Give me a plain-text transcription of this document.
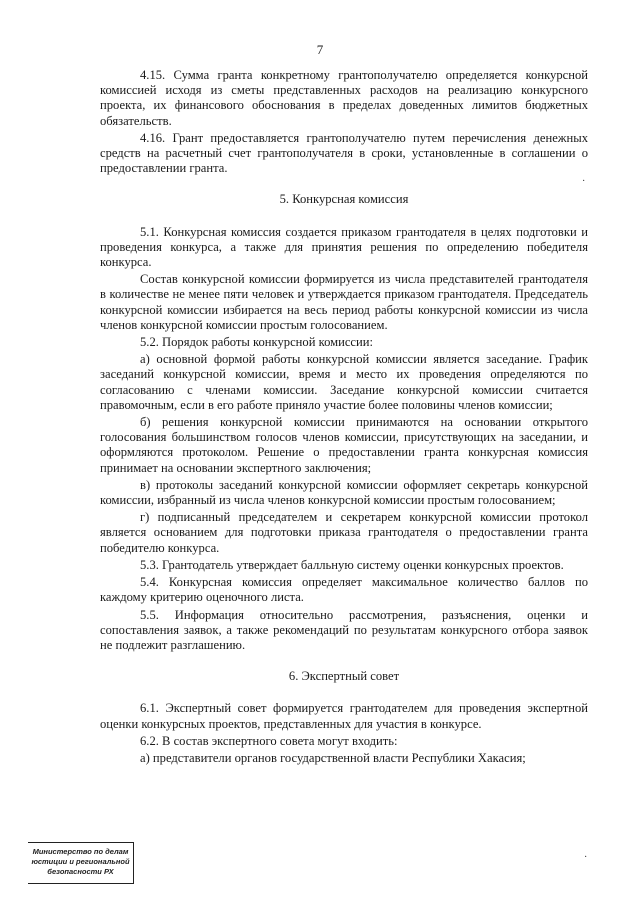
7

4.15. Сумма гранта конкретному грантополучателю определяется конкурсной комиссией исходя из сметы представленных расходов на реализацию конкурсного проекта, их финансового обоснования в пределах доведенных лимитов бюджетных обязательств.

4.16. Грант предоставляется грантополучателю путем перечисления денежных средств на расчетный счет грантополучателя в сроки, установленные в соглашении о предоставлении гранта.

5. Конкурсная комиссия

5.1. Конкурсная комиссия создается приказом грантодателя в целях подготовки и проведения конкурса, а также для принятия решения по определению победителя конкурса.

Состав конкурсной комиссии формируется из числа представителей грантодателя в количестве не менее пяти человек и утверждается приказом грантодателя. Председатель конкурсной комиссии избирается на весь период работы конкурсной комиссии из числа членов конкурсной комиссии простым голосованием.

5.2. Порядок работы конкурсной комиссии:

а) основной формой работы конкурсной комиссии является заседание. График заседаний конкурсной комиссии, время и место их проведения определяются по согласованию с членами комиссии. Заседание конкурсной комиссии считается правомочным, если в его работе приняло участие более половины членов комиссии;

б) решения конкурсной комиссии принимаются на основании открытого голосования большинством голосов членов комиссии, присутствующих на заседании, и оформляются протоколом. Решение о предоставлении гранта конкурсная комиссия принимает на основании экспертного заключения;

в) протоколы заседаний конкурсной комиссии оформляет секретарь конкурсной комиссии, избранный из числа членов конкурсной комиссии простым голосованием;

г) подписанный председателем и секретарем конкурсной комиссии протокол является основанием для подготовки приказа грантодателя о предоставлении гранта победителю конкурса.

5.3. Грантодатель утверждает балльную систему оценки конкурсных проектов.

5.4. Конкурсная комиссия определяет максимальное количество баллов по каждому критерию оценочного листа.

5.5. Информация относительно рассмотрения, разъяснения, оценки и сопоставления заявок, а также рекомендаций по результатам конкурсного отбора заявок не подлежит разглашению.

6. Экспертный совет

6.1. Экспертный совет формируется грантодателем для проведения экспертной оценки конкурсных проектов, представленных для участия в конкурсе.

6.2. В состав экспертного совета могут входить:

а) представители органов государственной власти Республики Хакасия;

Министерство по делам
юстиции и региональной
безопасности РХ
·
·
